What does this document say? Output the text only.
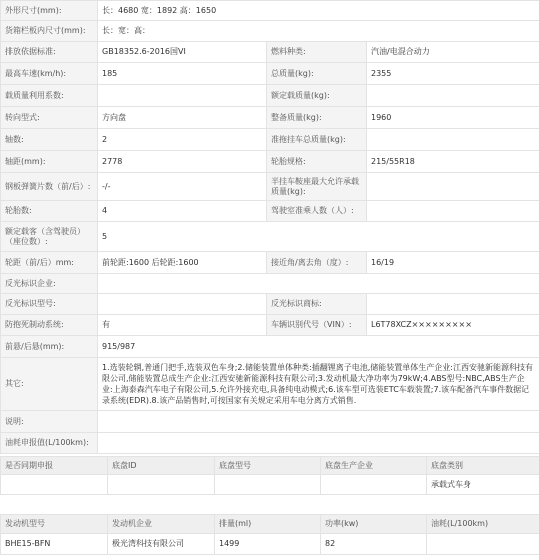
外形尺寸(mm):	长：4680 宽：1892 高：1650		
货箱栏板内尺寸(mm):	长：宽：高：		
排放依据标准:	GB18352.6-2016国VI	燃料种类:	汽油/电混合动力
最高车速(km/h):	185	总质量(kg):	2355
载质量利用系数:		额定载质量(kg):	
转向型式:	方向盘	整备质量(kg):	1960
轴数:	2	准拖挂车总质量(kg):	
轴距(mm):	2778	轮胎规格:	215/55R18
钢板弹簧片数（前/后）:	-/-	半挂车鞍座最大允许承载质量(kg):	
轮胎数:	4	驾驶室准乘人数（人）:	
额定载客（含驾驶员）（座位数）:	5		
轮距（前/后）mm:	前轮距:1600 后轮距:1600	接近角/离去角（度）:	16/19
反光标识企业:			
反光标识型号:		反光标识商标:	
防抱死制动系统:	有	车辆识别代号（VIN）:	L6T78XCZ×××××××××
前悬/后悬(mm):	915/987		
其它:	1.选装轮辋,普通门把手,选装双色车身;2.储能装置单体种类:插翻锂离子电池,储能装置单体生产企业:江西安驰新能源科技有限公司,储能装置总成生产企业:江西安驰新能源科技有限公司;3.发动机最大净功率为79kW;4.ABS型号:NBC,ABS生产企业:上海泰森汽车电子有限公司,5.允许外接充电,具备纯电动模式;6.该车型可选装ETC车载装置;7.该车配备汽车事件数据记录系统(EDR).8.该产品销售时,可按国家有关规定采用车电分离方式销售.		
说明:			
油耗申报值(L/100km):			
是否同期申报	底盘ID	底盘型号	底盘生产企业	底盘类别
				承载式车身
发动机型号	发动机企业	排量(ml)	功率(kw)	油耗(L/100km)
BHE15-BFN	极光湾科技有限公司	1499	82	
